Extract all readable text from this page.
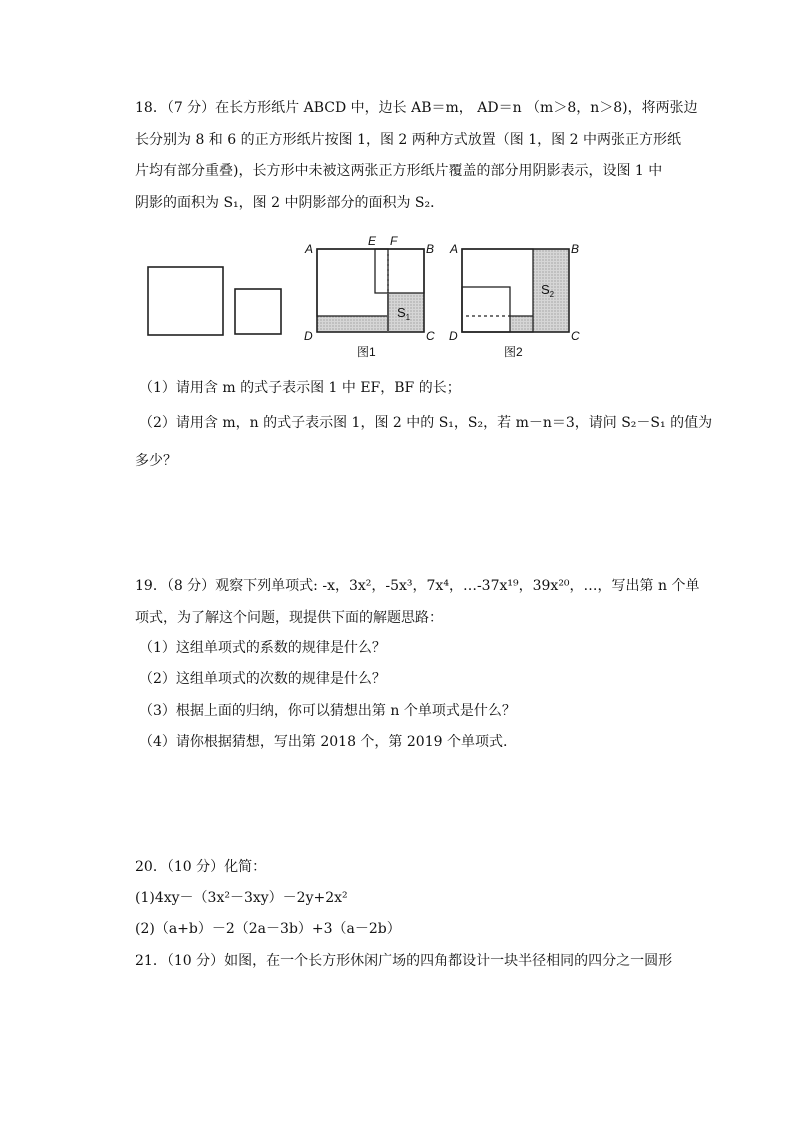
18．（7 分）在长方形纸片 ABCD 中，边长 AB＝m， AD＝n （m＞8，n＞8)，将两张边
长分别为 8 和 6 的正方形纸片按图 1，图 2 两种方式放置（图 1，图 2 中两张正方形纸
片均有部分重叠)，长方形中未被这两张正方形纸片覆盖的部分用阴影表示，设图 1 中
阴影的面积为 S₁，图 2 中阴影部分的面积为 S₂．
A
E F
B
D	C
$S_1$
图1
A	B
D	C
$S_2$
图2
（1）请用含 m 的式子表示图 1 中 EF，BF 的长；
（2）请用含 m，n 的式子表示图 1，图 2 中的 S₁，S₂，若 m－n＝3，请问 S₂－S₁ 的值为
多少？
19．（8 分）观察下列单项式: -x，3x²，-5x³，7x⁴，…-37x¹⁹，39x²⁰，…，写出第 n 个单
项式，为了解这个问题，现提供下面的解题思路：
（1）这组单项式的系数的规律是什么？
（2）这组单项式的次数的规律是什么？
（3）根据上面的归纳，你可以猜想出第 n 个单项式是什么？
（4）请你根据猜想，写出第 2018 个，第 2019 个单项式.
20．（10 分）化简：
(1)4xy－（3x²－3xy）－2y+2x²
(2)（a+b）－2（2a－3b）+3（a－2b）
21．（10 分）如图，在一个长方形休闲广场的四角都设计一块半径相同的四分之一圆形
